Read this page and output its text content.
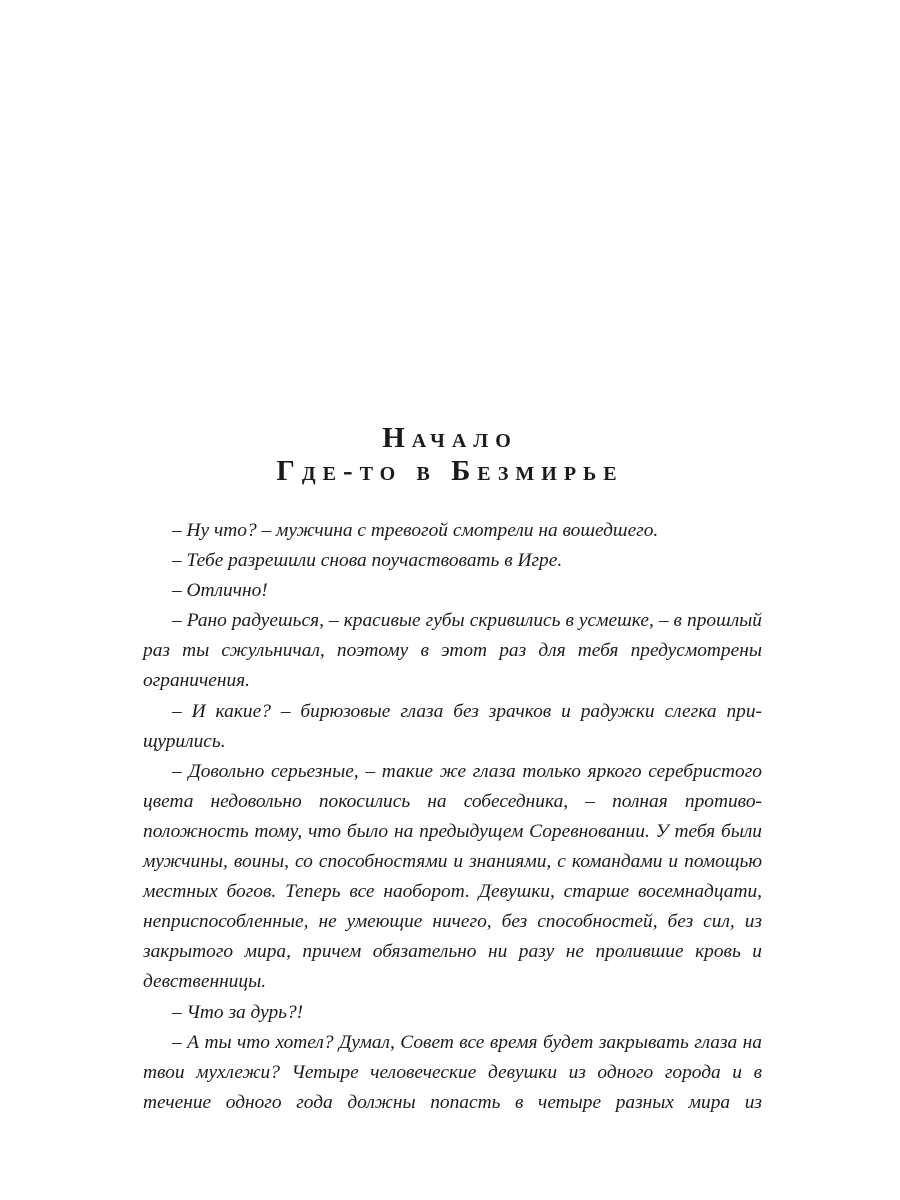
Начало
Где-то в Безмирье

– Ну что? – мужчина с тревогой смотрели на вошедшего.

– Тебе разрешили снова поучаствовать в Игре.

– Отлично!

– Рано радуешься, – красивые губы скривились в усмешке, – в прошлый раз ты сжульничал, поэтому в этот раз для тебя предусмотрены ограничения.

– И какие? – бирюзовые глаза без зрачков и радужки слегка прищурились.

– Довольно серьезные, – такие же глаза только яркого серебристого цвета недовольно покосились на собеседника, – полная противоположность тому, что было на предыдущем Соревновании. У тебя были мужчины, воины, со способностями и знаниями, с командами и помощью местных богов. Теперь все наоборот. Девушки, старше восемнадцати, неприспособленные, не умеющие ничего, без способностей, без сил, из закрытого мира, причем обязательно ни разу не пролившие кровь и девственницы.

– Что за дурь?!

– А ты что хотел? Думал, Совет все время будет закрывать глаза на твои мухлежи? Четыре человеческие девушки из одного города и в течение одного года должны попасть в четыре разных мира из
